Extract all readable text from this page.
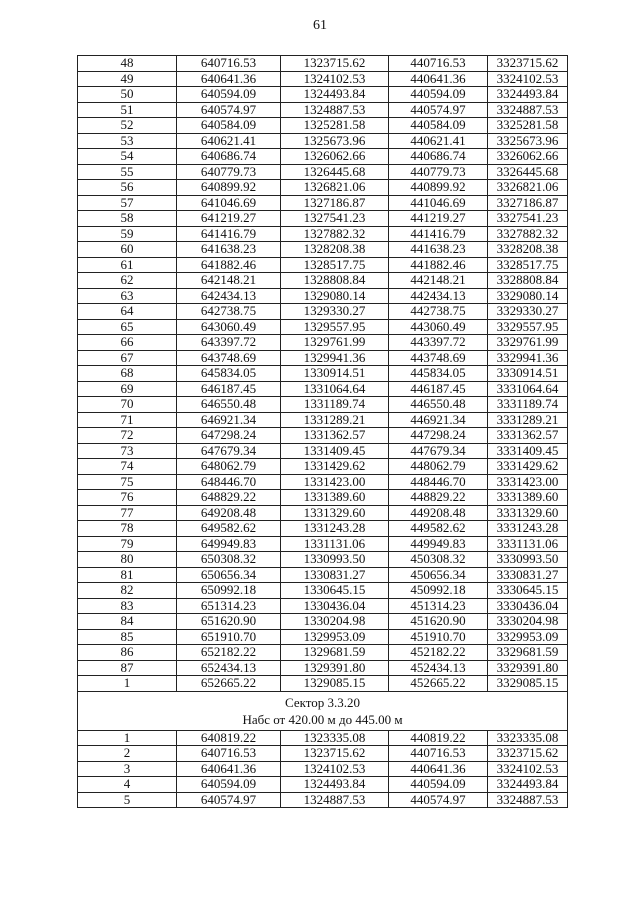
61
48	640716.53	1323715.62	440716.53	3323715.62
49	640641.36	1324102.53	440641.36	3324102.53
50	640594.09	1324493.84	440594.09	3324493.84
51	640574.97	1324887.53	440574.97	3324887.53
52	640584.09	1325281.58	440584.09	3325281.58
53	640621.41	1325673.96	440621.41	3325673.96
54	640686.74	1326062.66	440686.74	3326062.66
55	640779.73	1326445.68	440779.73	3326445.68
56	640899.92	1326821.06	440899.92	3326821.06
57	641046.69	1327186.87	441046.69	3327186.87
58	641219.27	1327541.23	441219.27	3327541.23
59	641416.79	1327882.32	441416.79	3327882.32
60	641638.23	1328208.38	441638.23	3328208.38
61	641882.46	1328517.75	441882.46	3328517.75
62	642148.21	1328808.84	442148.21	3328808.84
63	642434.13	1329080.14	442434.13	3329080.14
64	642738.75	1329330.27	442738.75	3329330.27
65	643060.49	1329557.95	443060.49	3329557.95
66	643397.72	1329761.99	443397.72	3329761.99
67	643748.69	1329941.36	443748.69	3329941.36
68	645834.05	1330914.51	445834.05	3330914.51
69	646187.45	1331064.64	446187.45	3331064.64
70	646550.48	1331189.74	446550.48	3331189.74
71	646921.34	1331289.21	446921.34	3331289.21
72	647298.24	1331362.57	447298.24	3331362.57
73	647679.34	1331409.45	447679.34	3331409.45
74	648062.79	1331429.62	448062.79	3331429.62
75	648446.70	1331423.00	448446.70	3331423.00
76	648829.22	1331389.60	448829.22	3331389.60
77	649208.48	1331329.60	449208.48	3331329.60
78	649582.62	1331243.28	449582.62	3331243.28
79	649949.83	1331131.06	449949.83	3331131.06
80	650308.32	1330993.50	450308.32	3330993.50
81	650656.34	1330831.27	450656.34	3330831.27
82	650992.18	1330645.15	450992.18	3330645.15
83	651314.23	1330436.04	451314.23	3330436.04
84	651620.90	1330204.98	451620.90	3330204.98
85	651910.70	1329953.09	451910.70	3329953.09
86	652182.22	1329681.59	452182.22	3329681.59
87	652434.13	1329391.80	452434.13	3329391.80
1	652665.22	1329085.15	452665.22	3329085.15

Сектор 3.3.20
Набс от 420.00 м до 445.00 м				

1	640819.22	1323335.08	440819.22	3323335.08
2	640716.53	1323715.62	440716.53	3323715.62
3	640641.36	1324102.53	440641.36	3324102.53
4	640594.09	1324493.84	440594.09	3324493.84
5	640574.97	1324887.53	440574.97	3324887.53
